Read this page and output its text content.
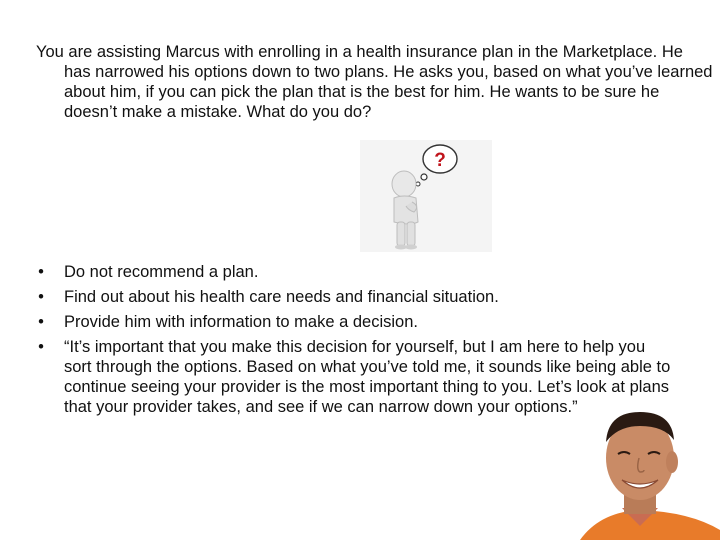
You are assisting Marcus with enrolling in a health insurance plan in the Marketplace. He has narrowed his options down to two plans. He asks you, based on what you’ve learned about him, if you can pick the plan that is the best for him. He wants to be sure he doesn’t make a mistake. What do you do?

?
• Do not recommend a plan.
• Find out about his health care needs and financial situation.
• Provide him with information to make a decision.
• “It’s important that you make this decision for yourself, but I am here to help you sort through the options. Based on what you’ve told me, it sounds like being able to continue seeing your provider is the most important thing to you. Let’s look at plans that your provider takes, and see if we can narrow down your options.”
